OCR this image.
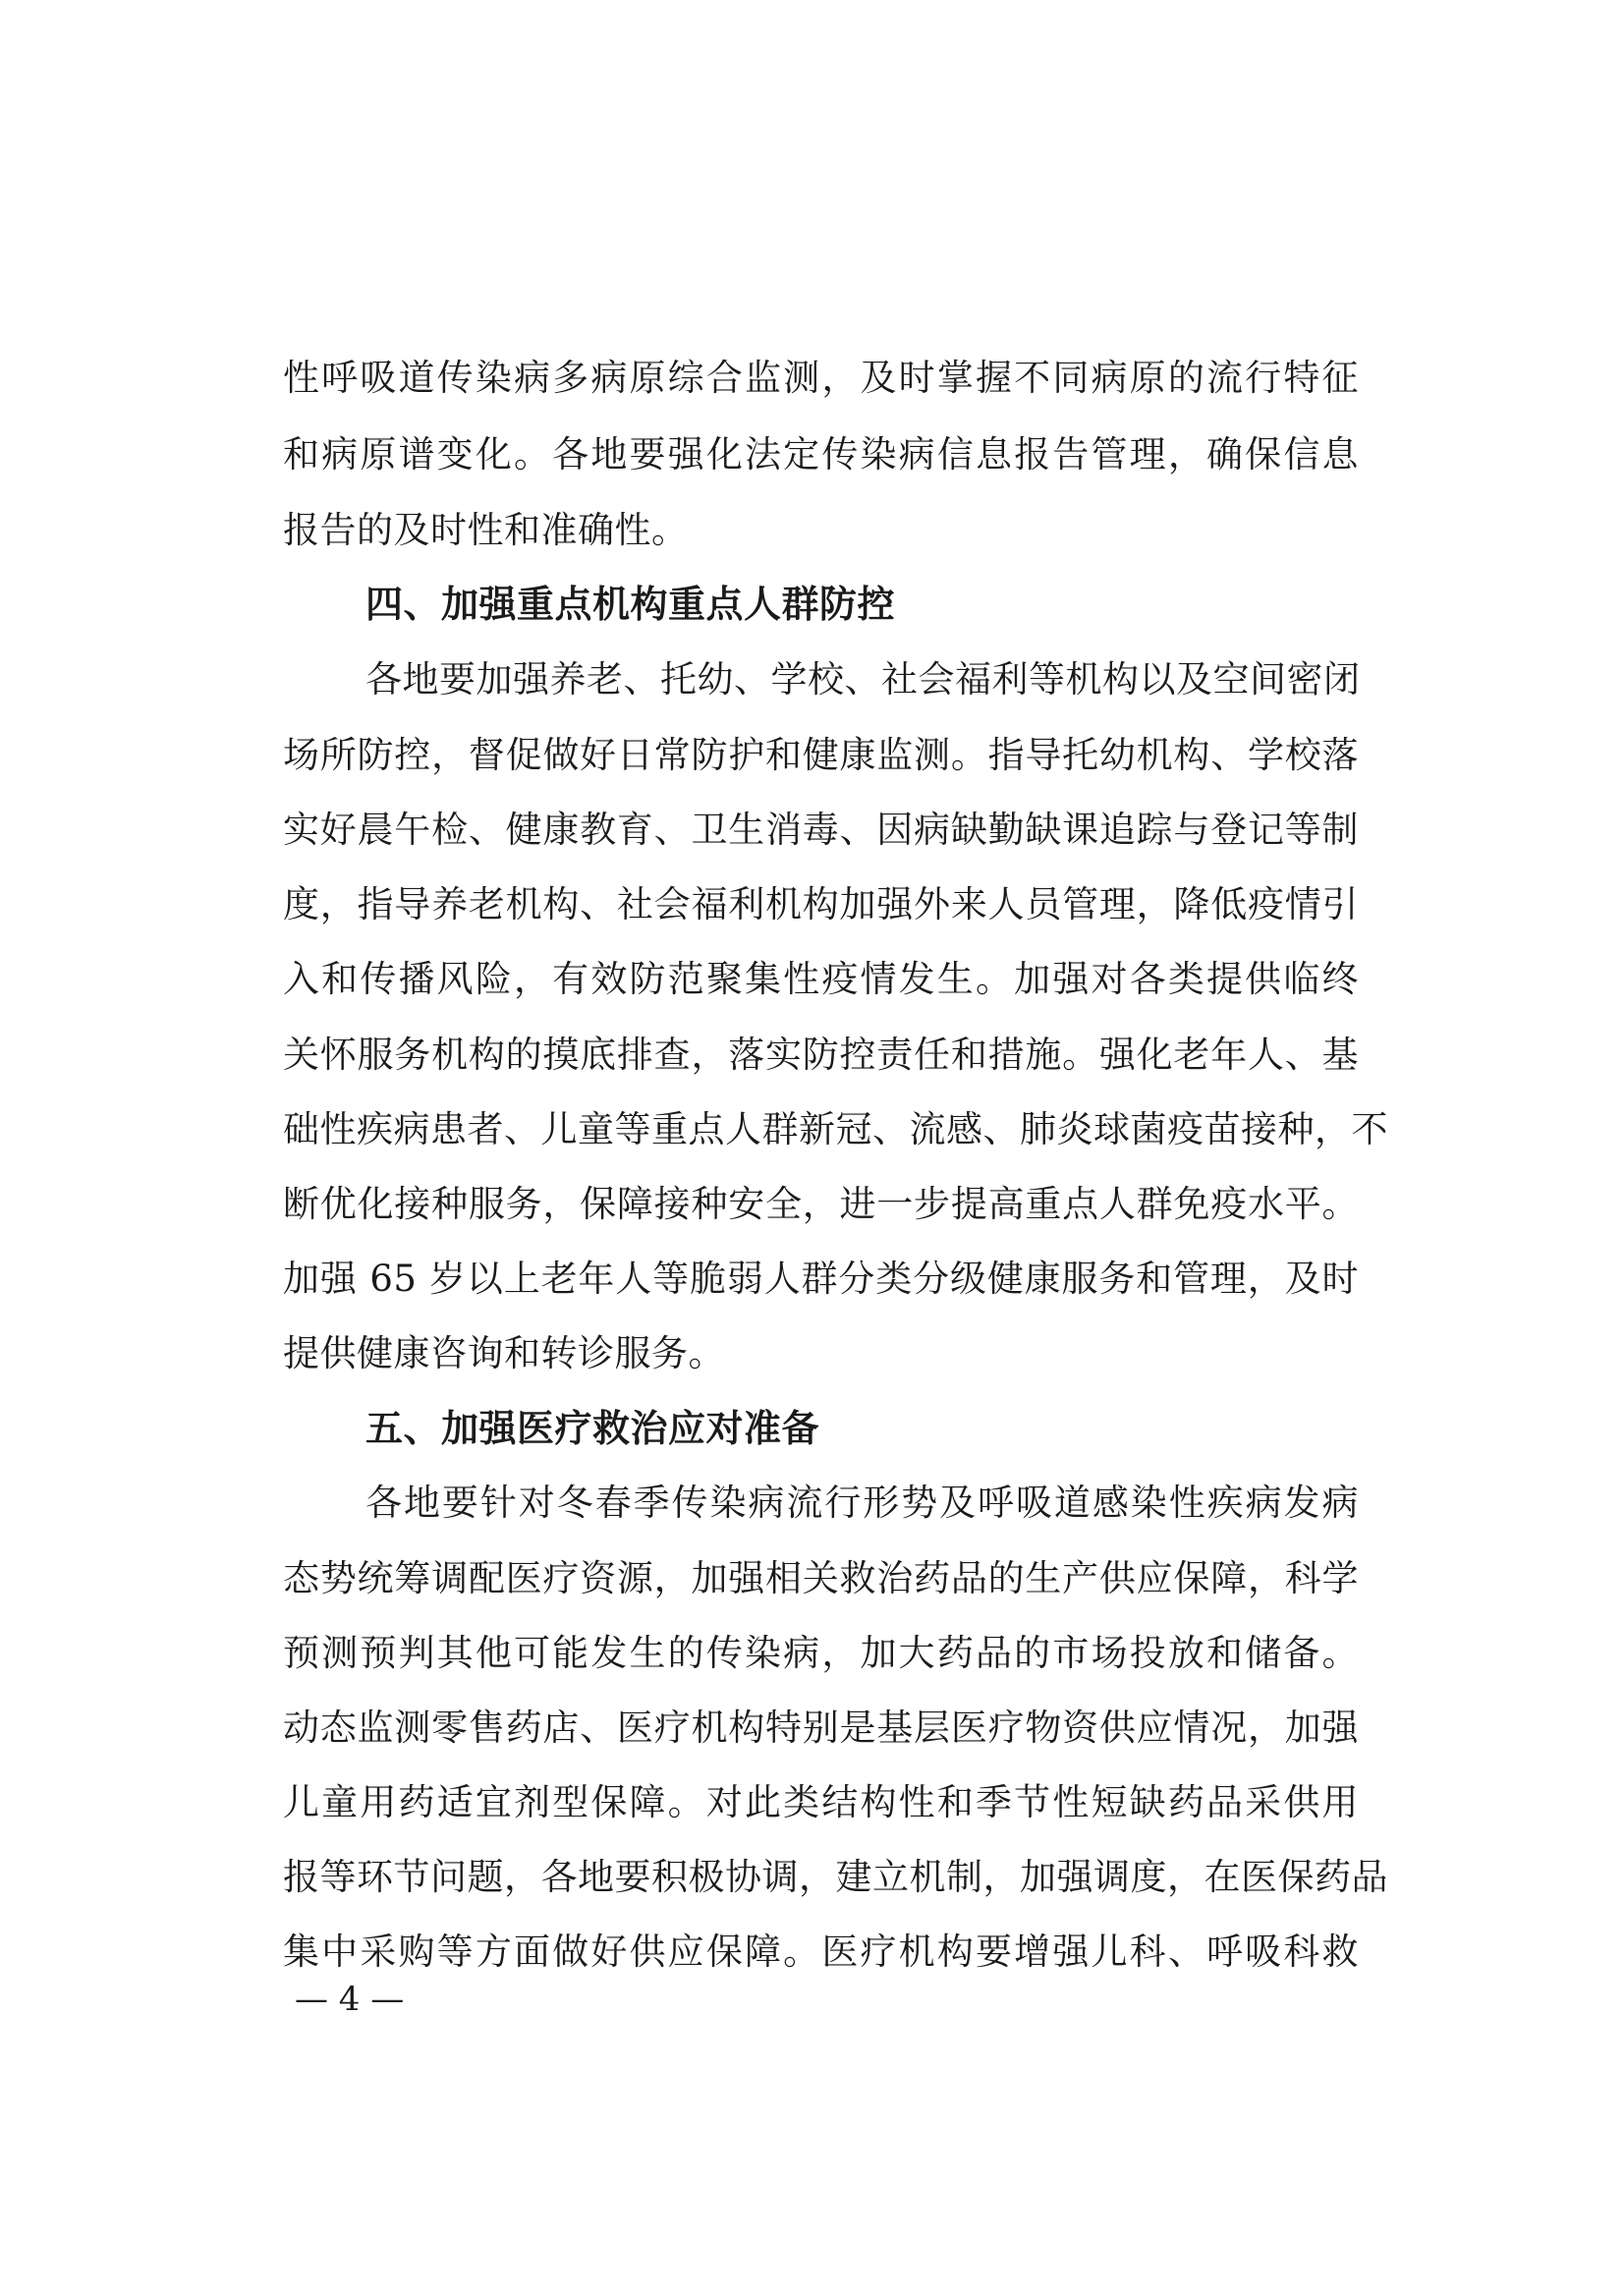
性呼吸道传染病多病原综合监测，及时掌握不同病原的流行特征
和病原谱变化。各地要强化法定传染病信息报告管理，确保信息
报告的及时性和准确性。
四、加强重点机构重点人群防控
各地要加强养老、托幼、学校、社会福利等机构以及空间密闭
场所防控，督促做好日常防护和健康监测。指导托幼机构、学校落
实好晨午检、健康教育、卫生消毒、因病缺勤缺课追踪与登记等制
度，指导养老机构、社会福利机构加强外来人员管理，降低疫情引
入和传播风险，有效防范聚集性疫情发生。加强对各类提供临终
关怀服务机构的摸底排查，落实防控责任和措施。强化老年人、基
础性疾病患者、儿童等重点人群新冠、流感、肺炎球菌疫苗接种，不
断优化接种服务，保障接种安全，进一步提高重点人群免疫水平。
加强 65 岁以上老年人等脆弱人群分类分级健康服务和管理，及时
提供健康咨询和转诊服务。
五、加强医疗救治应对准备
各地要针对冬春季传染病流行形势及呼吸道感染性疾病发病
态势统筹调配医疗资源，加强相关救治药品的生产供应保障，科学
预测预判其他可能发生的传染病，加大药品的市场投放和储备。
动态监测零售药店、医疗机构特别是基层医疗物资供应情况，加强
儿童用药适宜剂型保障。对此类结构性和季节性短缺药品采供用
报等环节问题，各地要积极协调，建立机制，加强调度，在医保药品
集中采购等方面做好供应保障。医疗机构要增强儿科、呼吸科救
— 4 —
